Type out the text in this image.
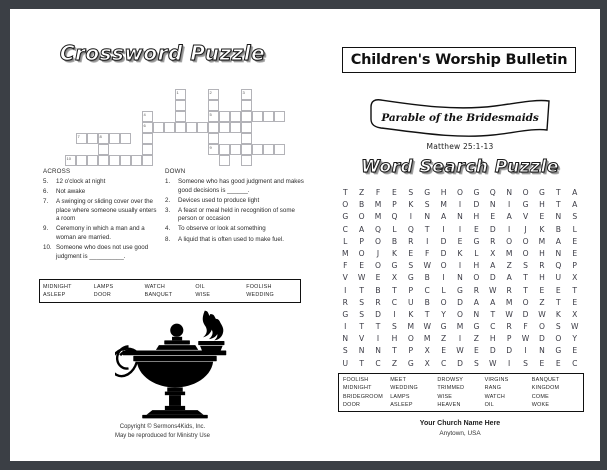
Crossword Puzzle
1	2	3
4	5
6
7	8
9
10
ACROSS
5.	12 o'clock at night
6.	Not awake
7.	A swinging or sliding cover over the place where someone usually enters a room
9.	Ceremony in which a man and a woman are married.
10. Someone who does not use good judgment is __________.
DOWN
1.	Someone who has good judgment and makes good decisions is ______.
2.	Devices used to produce light
3.	A feast or meal held in recognition of some person or occasion
4.	To observe or look at something
8.	A liquid that is often used to make fuel.
MIDNIGHT
ASLEEP
LAMPS
DOOR
WATCH
BANQUET
OIL
WISE
FOOLISH
WEDDING
Copyright © Sermons4Kids, Inc.
May be reproduced for Ministry Use
Children's Worship Bulletin
Parable of the Bridesmaids
Matthew 25:1-13
Word Search Puzzle
T	Z	F	E	S	G	H	O	G	Q	N	O	G	T	A
O	B	M	P	K	S	M	I	D	N	I	G	H	T	A
G	O	M	Q	I	N	A	N	H	E	A	V	E	N	S
C	A	Q	L	Q	T	I	I	E	D	I	J	K	B	L
L	P	O	B	R	I	D	E	G	R	O	O	M	A	E
M	O	J	K	E	F	D	K	L	X	M	O	H	N	E
F	E	O	G	S	W	O	I	H	A	Z	S	R	Q	P
V	W	E	X	G	B	I	N	O	D	A	T	H	U	X
I	T	B	T	P	C	L	G	R	W	R	T	E	E	T
R	S	R	C	U	B	O	D	A	A	M	O	Z	T	E
G	S	D	I	K	T	Y	O	N	T	W	D	W	K	X
I	T	T	S	M	W	G	M	G	C	R	F	O	S	W
N	V	I	H	O	M	Z	I	Z	H	P	W	D	O	Y
S	N	N	T	P	X	E	W	E	D	D	I	N	G	E
U	T	C	Z	G	X	C	D	S	W	I	S	E	E	C
FOOLISH
MIDNIGHT
BRIDEGROOM
DOOR
MEET
WEDDING
LAMPS
ASLEEP
DROWSY
TRIMMED
WISE
HEAVEN
VIRGINS
RANG
WATCH
OIL
BANQUET
KINGDOM
COME
WOKE
Your Church Name Here
Anytown, USA
